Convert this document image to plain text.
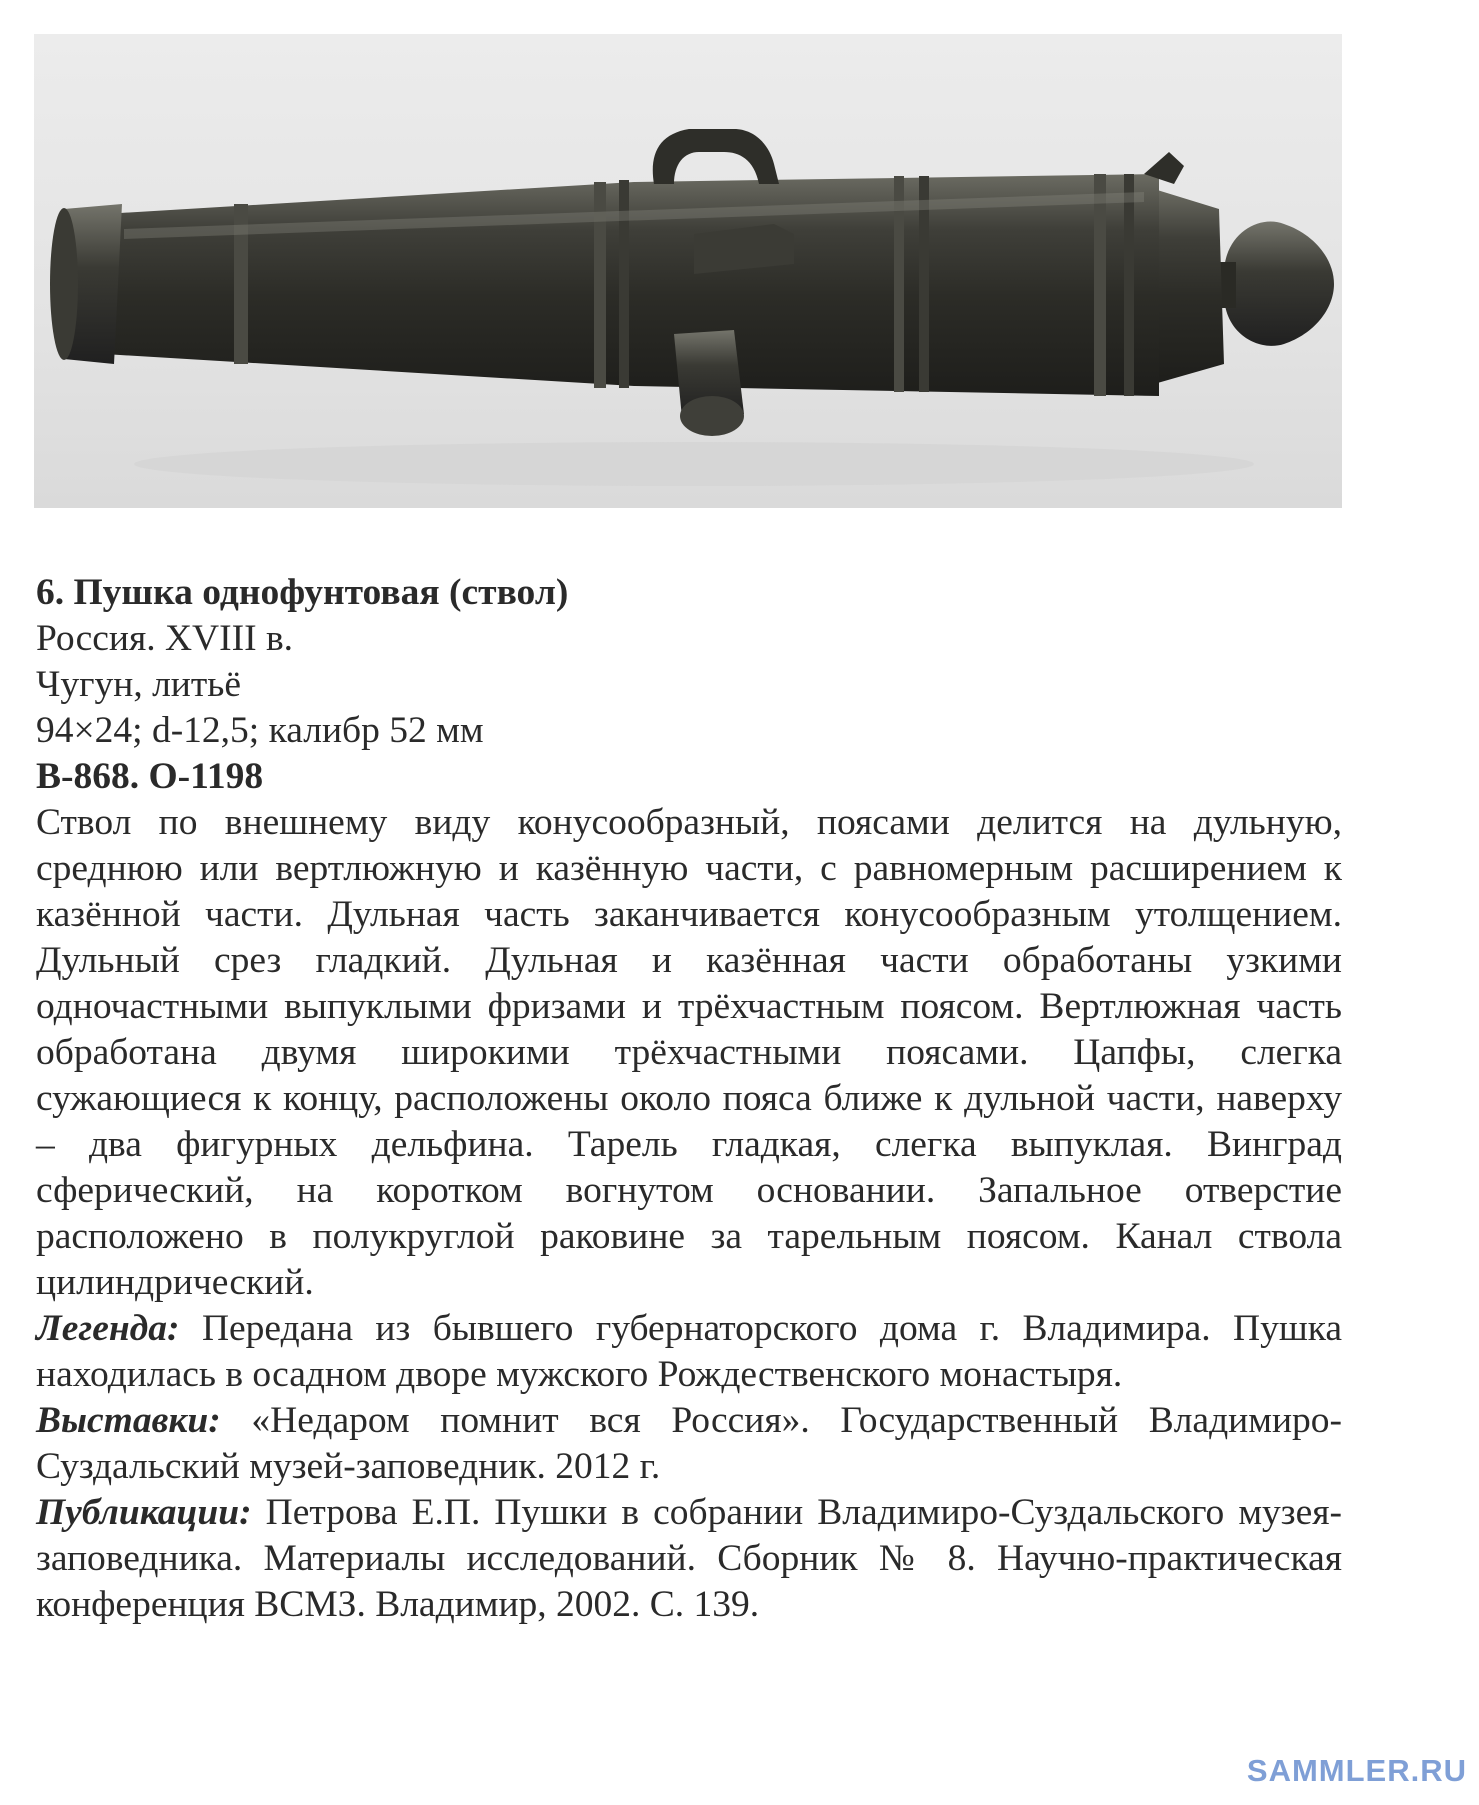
6. Пушка однофунтовая (ствол)
Россия. XVIII в.
Чугун, литьё
94×24; d-12,5; калибр 52 мм
В-868. О-1198
Ствол по внешнему виду конусообразный, поясами делится на дульную, среднюю или вертлюжную и казённую части, с равномерным расширением к казённой части. Дульная часть заканчивается конусообразным утолщением. Дульный срез гладкий. Дульная и казённая части обработаны узкими одночастными выпуклыми фризами и трёхчастным поясом. Вертлюжная часть обработана двумя широкими трёхчастными поясами. Цапфы, слегка сужающиеся к концу, расположены около пояса ближе к дульной части, наверху – два фигурных дельфина. Тарель гладкая, слегка выпуклая. Винград сферический, на коротком вогнутом основании. Запальное отверстие расположено в полукруглой раковине за тарельным поясом. Канал ствола цилиндрический.
Легенда: Передана из бывшего губернаторского дома г. Владимира. Пушка находилась в осадном дворе мужского Рождественского монастыря.
Выставки: «Недаром помнит вся Россия». Государственный Владимиро-Суздальский музей-заповедник. 2012 г.
Публикации: Петрова Е.П. Пушки в собрании Владимиро-Суздальского музея-заповедника. Материалы исследований. Сборник № 8. Научно-практическая конференция ВСМЗ. Владимир, 2002. С. 139.
SAMMLER.RU
